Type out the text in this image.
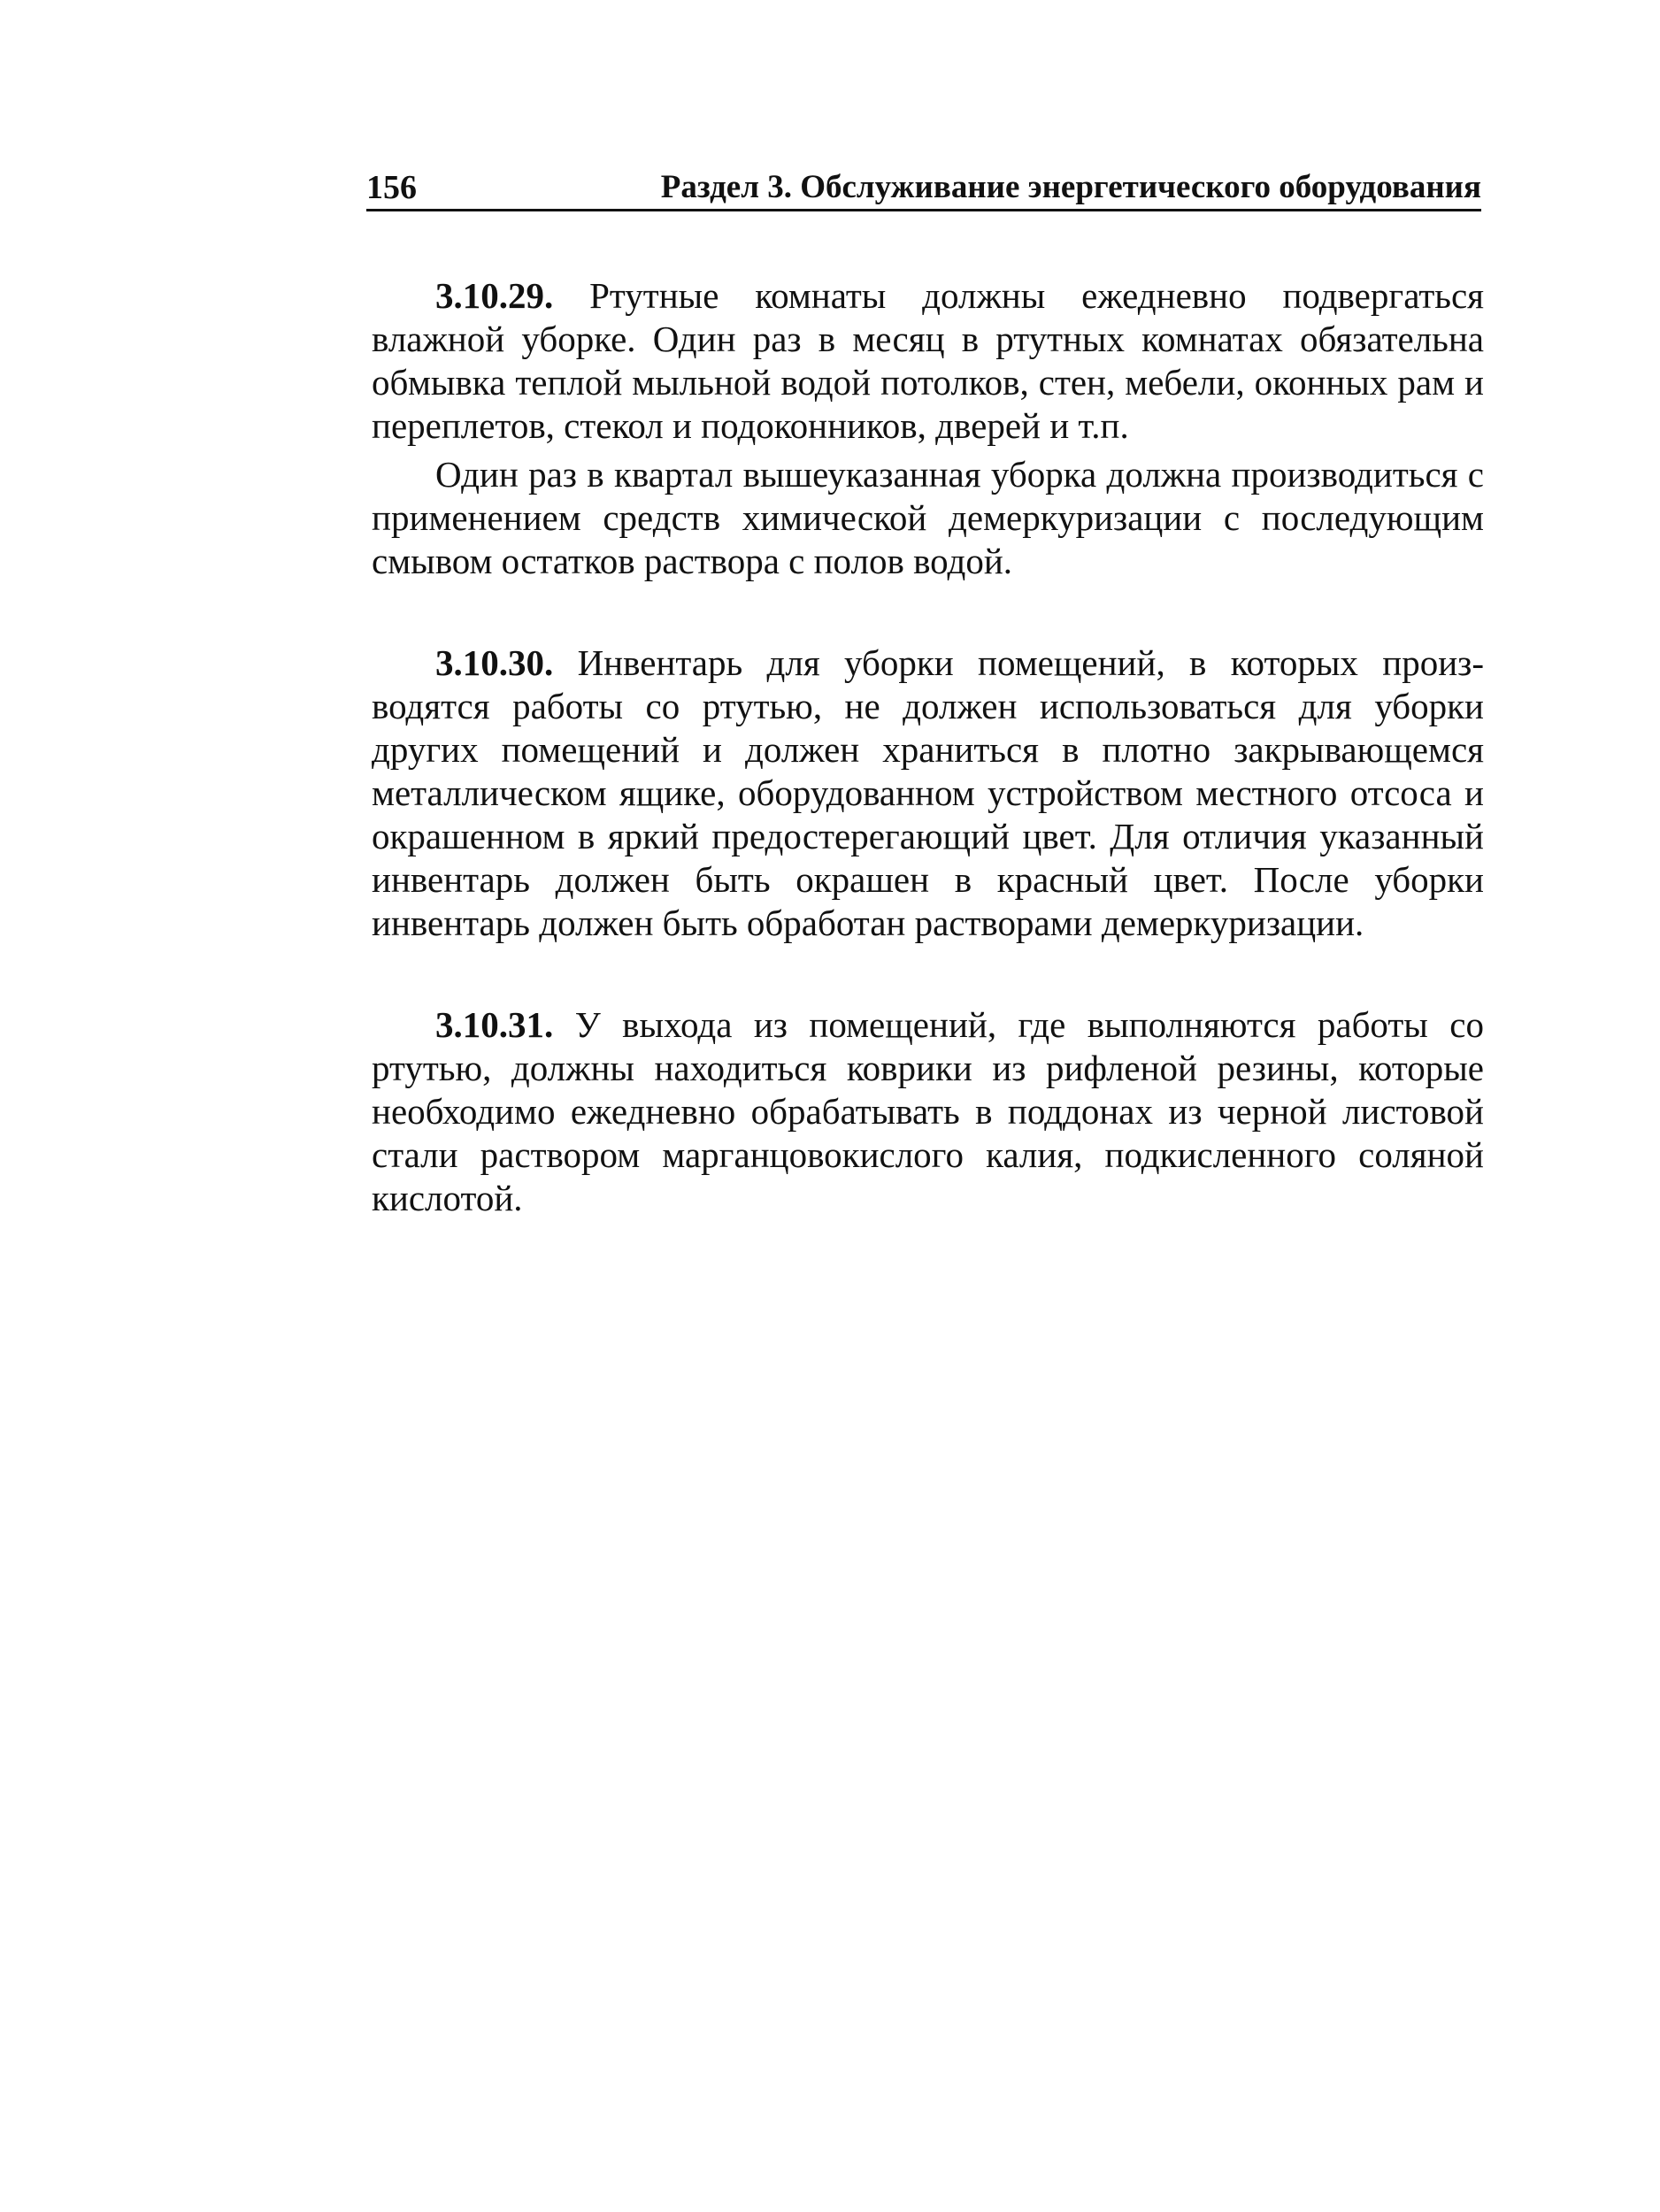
156	Раздел 3. Обслуживание энергетического оборудования

3.10.29. Ртутные комнаты должны ежедневно подвергаться влажной уборке. Один раз в месяц в ртутных комнатах обязательна обмывка теплой мыльной водой потолков, стен, мебели, оконных рам и переплетов, стекол и подоконников, дверей и т.п.

Один раз в квартал вышеуказанная уборка должна производиться с применением средств химической демеркуризации с последующим смывом остатков раствора с полов водой.

3.10.30. Инвентарь для уборки помещений, в которых производятся работы со ртутью, не должен использоваться для уборки других помещений и должен храниться в плотно закрывающемся металлическом ящике, оборудованном устройством местного отсоса и окрашенном в яркий предостерегающий цвет. Для отличия указанный инвентарь должен быть окрашен в красный цвет. После уборки инвентарь должен быть обработан растворами демеркуризации.

3.10.31. У выхода из помещений, где выполняются работы со ртутью, должны находиться коврики из рифленой резины, которые необходимо ежедневно обрабатывать в поддонах из черной листовой стали раствором марганцовокислого калия, подкисленного соляной кислотой.
